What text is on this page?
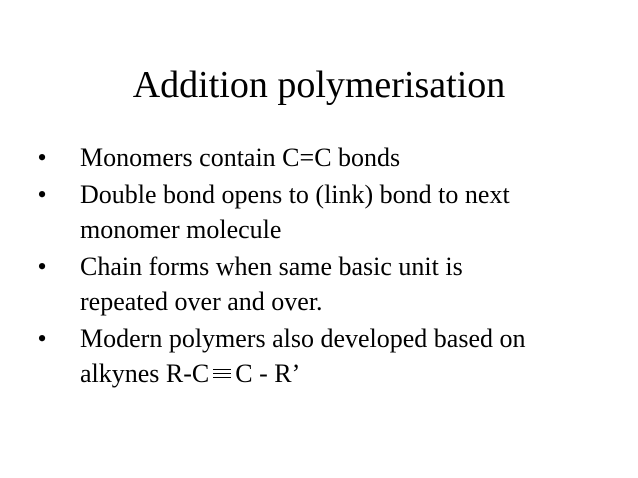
Addition polymerisation
• Monomers contain C=C bonds
• Double bond opens to (link) bond to next
monomer molecule
• Chain forms when same basic unit is
repeated over and over.
• Modern polymers also developed based on
alkynes R-C C - R’
